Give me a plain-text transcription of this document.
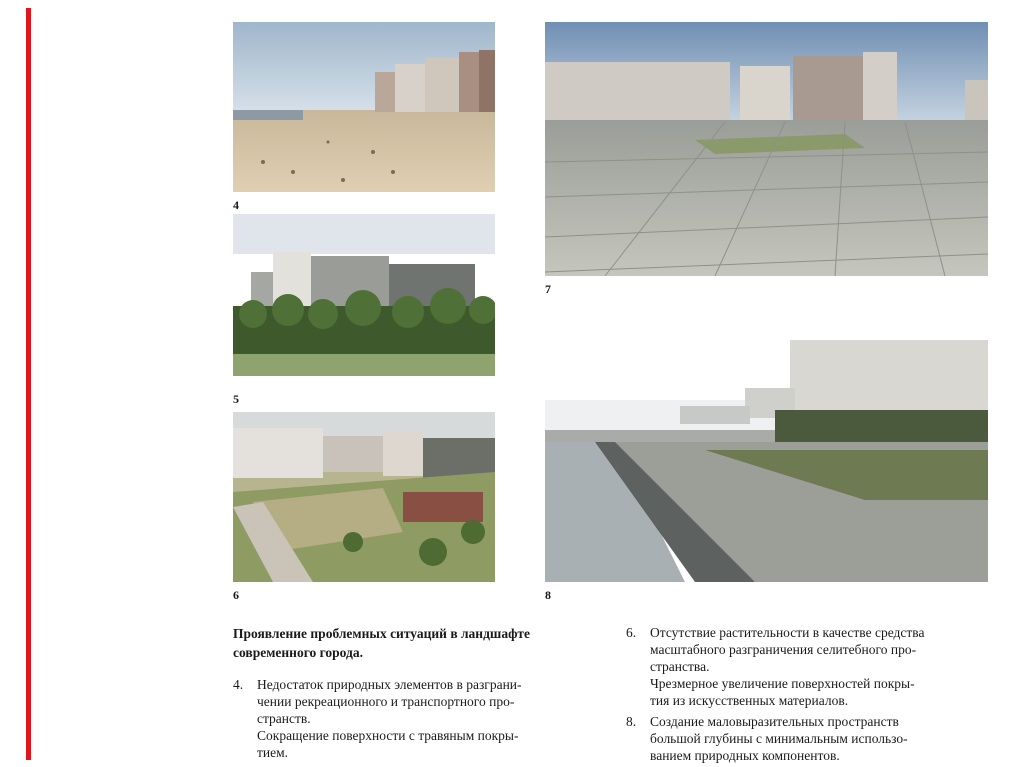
4
5
6
7
8
Проявление проблемных ситуаций в ландшафте современного города.
4. Недостаток природных элементов в разграни-
чении рекреационного и транспортного про-
странств.
Сокращение поверхности с травяным покры-
тием.
6. Отсутствие растительности в качестве средства
масштабного разграничения селитебного про-
странства.
Чрезмерное увеличение поверхностей покры-
тия из искусственных материалов.
8. Создание маловыразительных пространств
большой глубины с минимальным использо-
ванием природных компонентов.
